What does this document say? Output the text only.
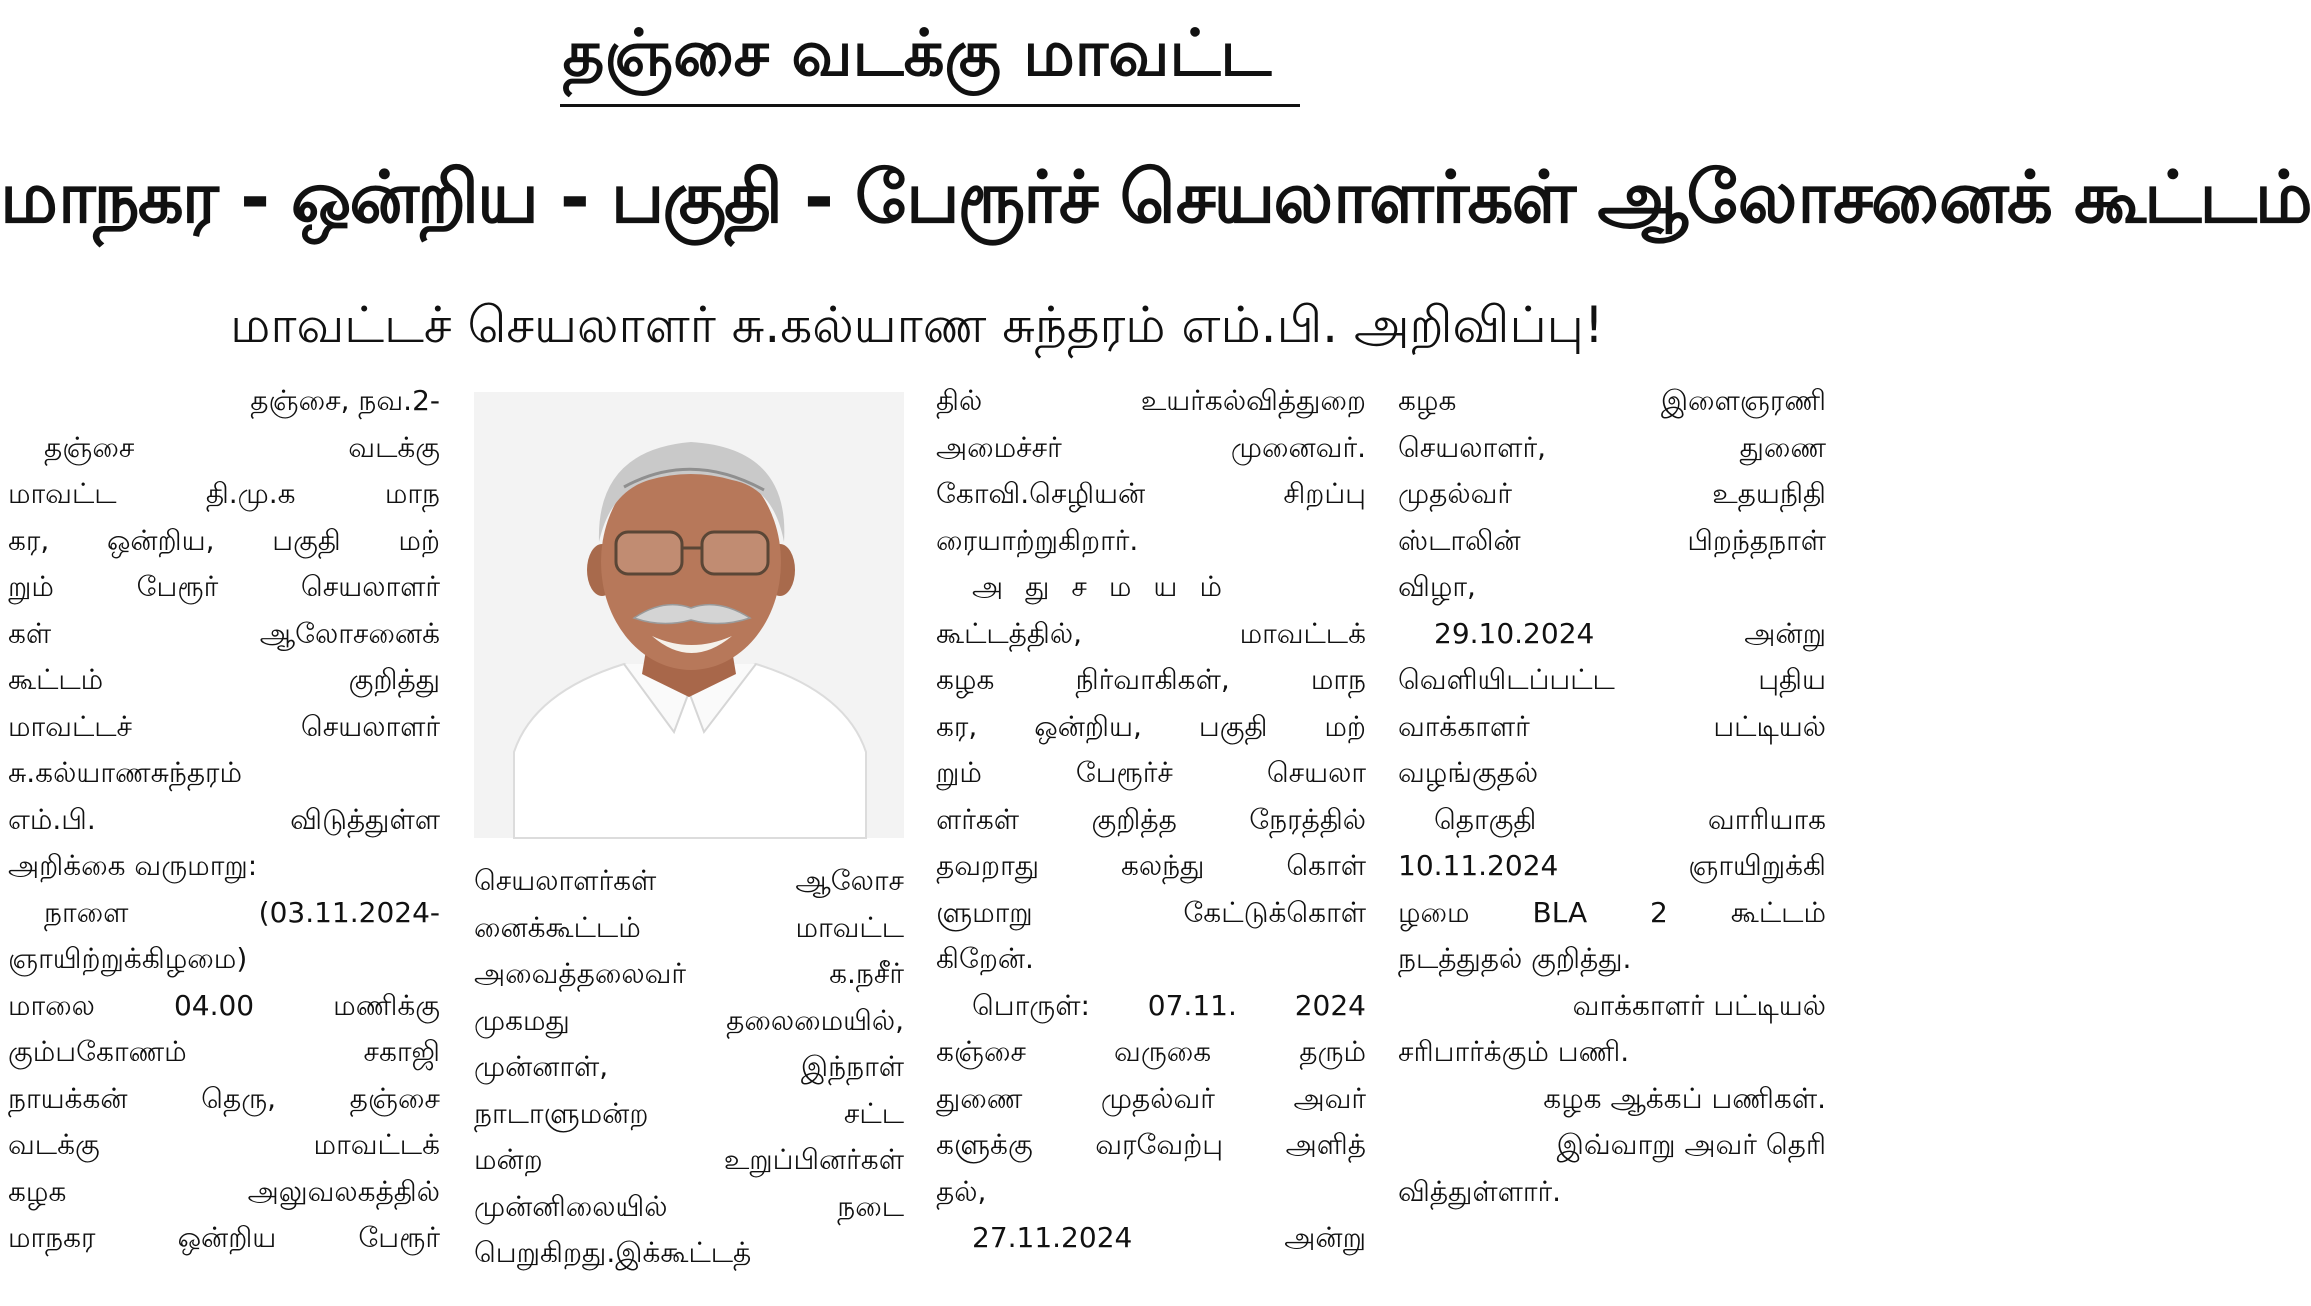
தஞ்சை வடக்கு மாவட்ட
மாநகர - ஒன்றிய - பகுதி - பேரூர்ச் செயலாளர்கள் ஆலோசனைக் கூட்டம்
மாவட்டச் செயலாளர் சு.கல்யாண சுந்தரம் எம்.பி. அறிவிப்பு!

தஞ்சை, நவ.2-

தஞ்சை வடக்கு

மாவட்ட தி.மு.க மாந

கர, ஒன்றிய, பகுதி மற்

றும் பேரூர் செயலாளர்

கள் ஆலோசனைக்

கூட்டம் குறித்து

மாவட்டச் செயலாளர்

சு.கல்யாணசுந்தரம்

எம்.பி. விடுத்துள்ள

அறிக்கை வருமாறு:

நாளை (03.11.2024-

ஞாயிற்றுக்கிழமை)

மாலை 04.00 மணிக்கு

கும்பகோணம் சகாஜி

நாயக்கன் தெரு, தஞ்சை

வடக்கு மாவட்டக்

கழக அலுவலகத்தில்

மாநகர ஒன்றிய பேரூர்

செயலாளர்கள் ஆலோச

னைக்கூட்டம் மாவட்ட

அவைத்தலைவர் க.நசீர்

முகமது தலைமையில்,

முன்னாள், இந்நாள்

நாடாளுமன்ற சட்ட

மன்ற உறுப்பினர்கள்

முன்னிலையில் நடை

பெறுகிறது.இக்கூட்டத்

தில் உயர்கல்வித்துறை

அமைச்சர் முனைவர்.

கோவி.செழியன் சிறப்பு

ரையாற்றுகிறார்.

அதுசமயம்

கூட்டத்தில், மாவட்டக்

கழக நிர்வாகிகள், மாந

கர, ஒன்றிய, பகுதி மற்

றும் பேரூர்ச் செயலா

ளர்கள் குறித்த நேரத்தில்

தவறாது கலந்து கொள்

ளுமாறு கேட்டுக்கொள்

கிறேன்.

பொருள்: 07.11. 2024

கஞ்சை வருகை தரும்

துணை முதல்வர் அவர்

களுக்கு வரவேற்பு அளித்

தல்,

27.11.2024 அன்று

கழக இளைஞரணி

செயலாளர், துணை

முதல்வர் உதயநிதி

ஸ்டாலின் பிறந்தநாள்

விழா,

29.10.2024 அன்று

வெளியிடப்பட்ட புதிய

வாக்காளர் பட்டியல்

வழங்குதல்

தொகுதி வாரியாக

10.11.2024 ஞாயிறுக்கி

ழமை BLA 2 கூட்டம்

நடத்துதல் குறித்து.

வாக்காளர் பட்டியல்

சரிபார்க்கும் பணி.

கழக ஆக்கப் பணிகள்.

இவ்வாறு அவர் தெரி

வித்துள்ளார்.
